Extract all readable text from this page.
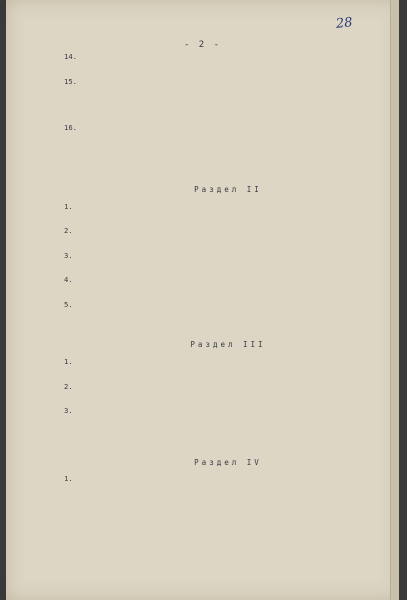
28
- 2 -
14.

15.

16.

Раздел II
1.

2.

3.

4.

5.

Раздел III
1.

2.

3.

Раздел IV
1.
